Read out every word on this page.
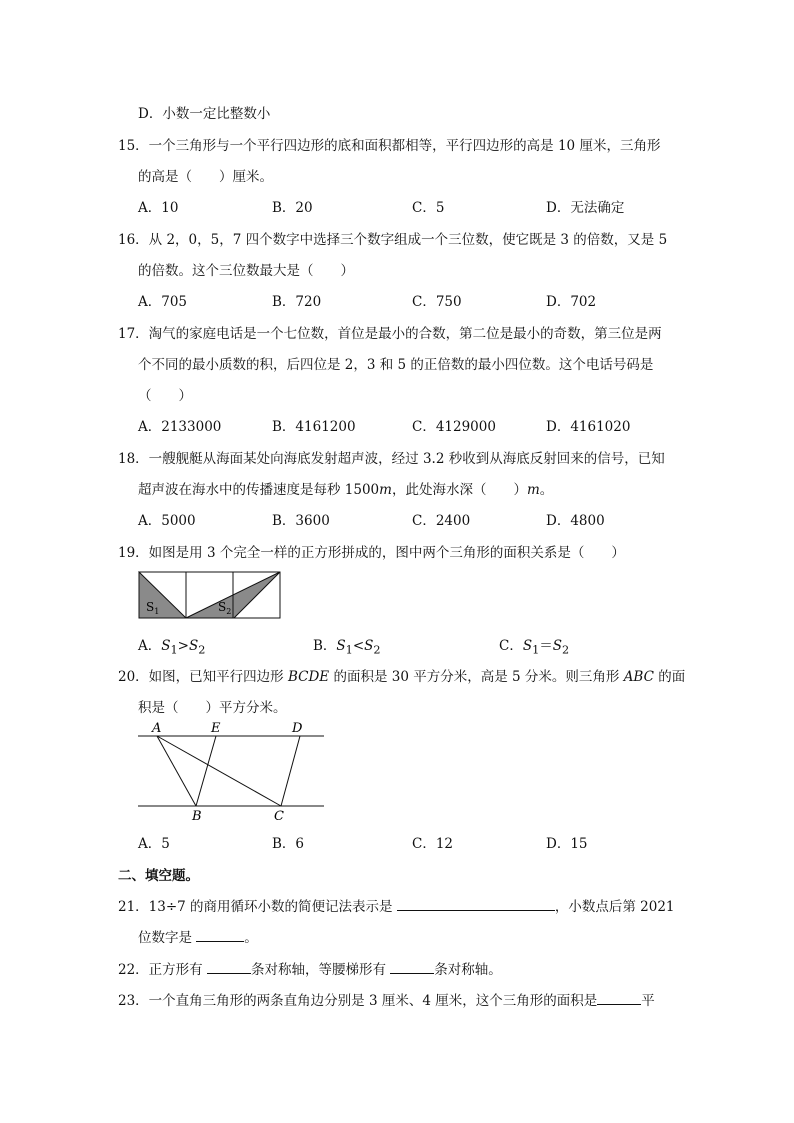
D．小数一定比整数小
15．一个三角形与一个平行四边形的底和面积都相等，平行四边形的高是 10 厘米，三角形
的高是（　　）厘米。
A．10	B．20	C．5	D．无法确定
16．从 2，0，5，7 四个数字中选择三个数字组成一个三位数，使它既是 3 的倍数，又是 5
的倍数。这个三位数最大是（　　）
A．705	B．720	C．750	D．702
17．淘气的家庭电话是一个七位数，首位是最小的合数，第二位是最小的奇数，第三位是两
个不同的最小质数的积，后四位是 2，3 和 5 的正倍数的最小四位数。这个电话号码是
（　　）
A．2133000	B．4161200	C．4129000	D．4161020
18．一艘舰艇从海面某处向海底发射超声波，经过 3.2 秒收到从海底反射回来的信号，已知
超声波在海水中的传播速度是每秒 1500m，此处海水深（　　）m。
A．5000	B．3600	C．2400	D．4800
19．如图是用 3 个完全一样的正方形拼成的，图中两个三角形的面积关系是（　　）
$S_1$	$S_2$
A．$S_1>S_2$	B．$S_1<S_2$	C．$S_1=S_2$
20．如图，已知平行四边形 BCDE 的面积是 30 平方分米，高是 5 分米。则三角形 ABC 的面
积是（　　）平方分米。
A	E	D
B	C
A．5	B．6	C．12	D．15
二、填空题。
21．13÷7 的商用循环小数的简便记法表示是	，小数点后第 2021
位数字是	。
22．正方形有	条对称轴，等腰梯形有	条对称轴。
23．一个直角三角形的两条直角边分别是 3 厘米、4 厘米，这个三角形的面积是	平
